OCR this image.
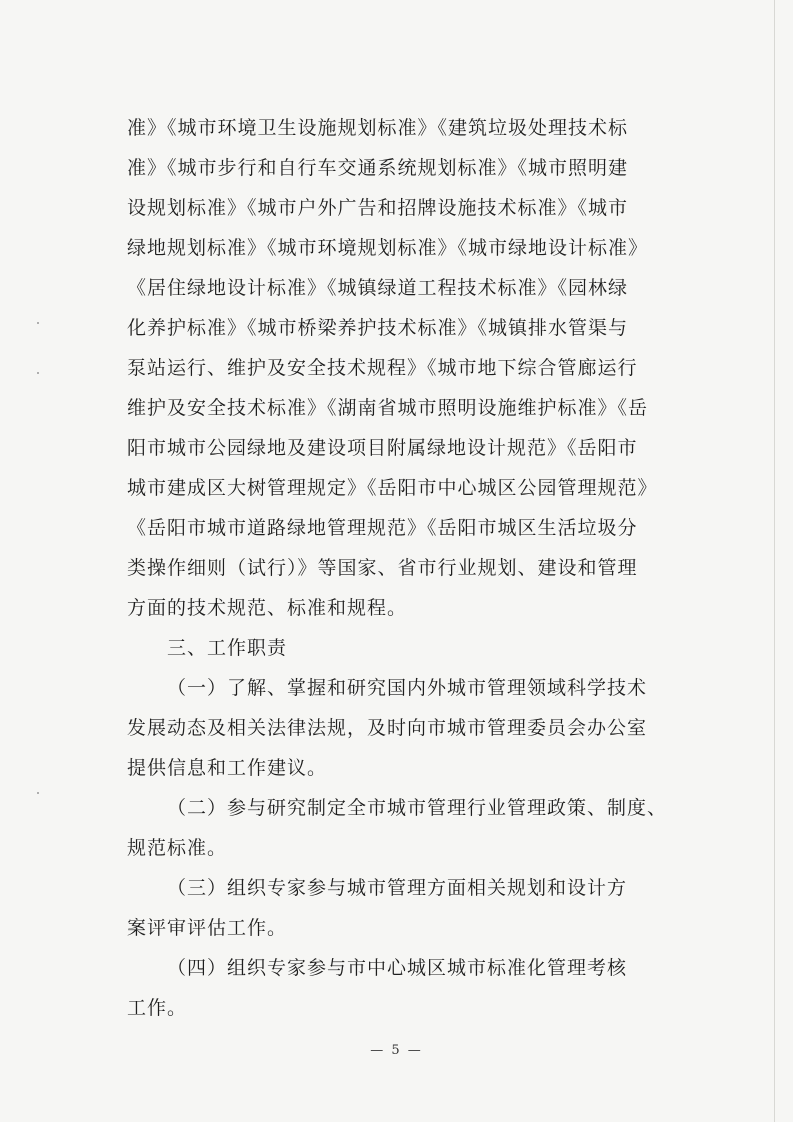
准》《城市环境卫生设施规划标准》《建筑垃圾处理技术标
准》《城市步行和自行车交通系统规划标准》《城市照明建
设规划标准》《城市户外广告和招牌设施技术标准》《城市
绿地规划标准》《城市环境规划标准》《城市绿地设计标准》
《居住绿地设计标准》《城镇绿道工程技术标准》《园林绿
化养护标准》《城市桥梁养护技术标准》《城镇排水管渠与
泵站运行、维护及安全技术规程》《城市地下综合管廊运行
维护及安全技术标准》《湖南省城市照明设施维护标准》《岳
阳市城市公园绿地及建设项目附属绿地设计规范》《岳阳市
城市建成区大树管理规定》《岳阳市中心城区公园管理规范》
《岳阳市城市道路绿地管理规范》《岳阳市城区生活垃圾分
类操作细则（试行）》等国家、省市行业规划、建设和管理
方面的技术规范、标准和规程。
三、工作职责
（一）了解、掌握和研究国内外城市管理领域科学技术
发展动态及相关法律法规，及时向市城市管理委员会办公室
提供信息和工作建议。
（二）参与研究制定全市城市管理行业管理政策、制度、
规范标准。
（三）组织专家参与城市管理方面相关规划和设计方
案评审评估工作。
（四）组织专家参与市中心城区城市标准化管理考核
工作。
— 5 —
